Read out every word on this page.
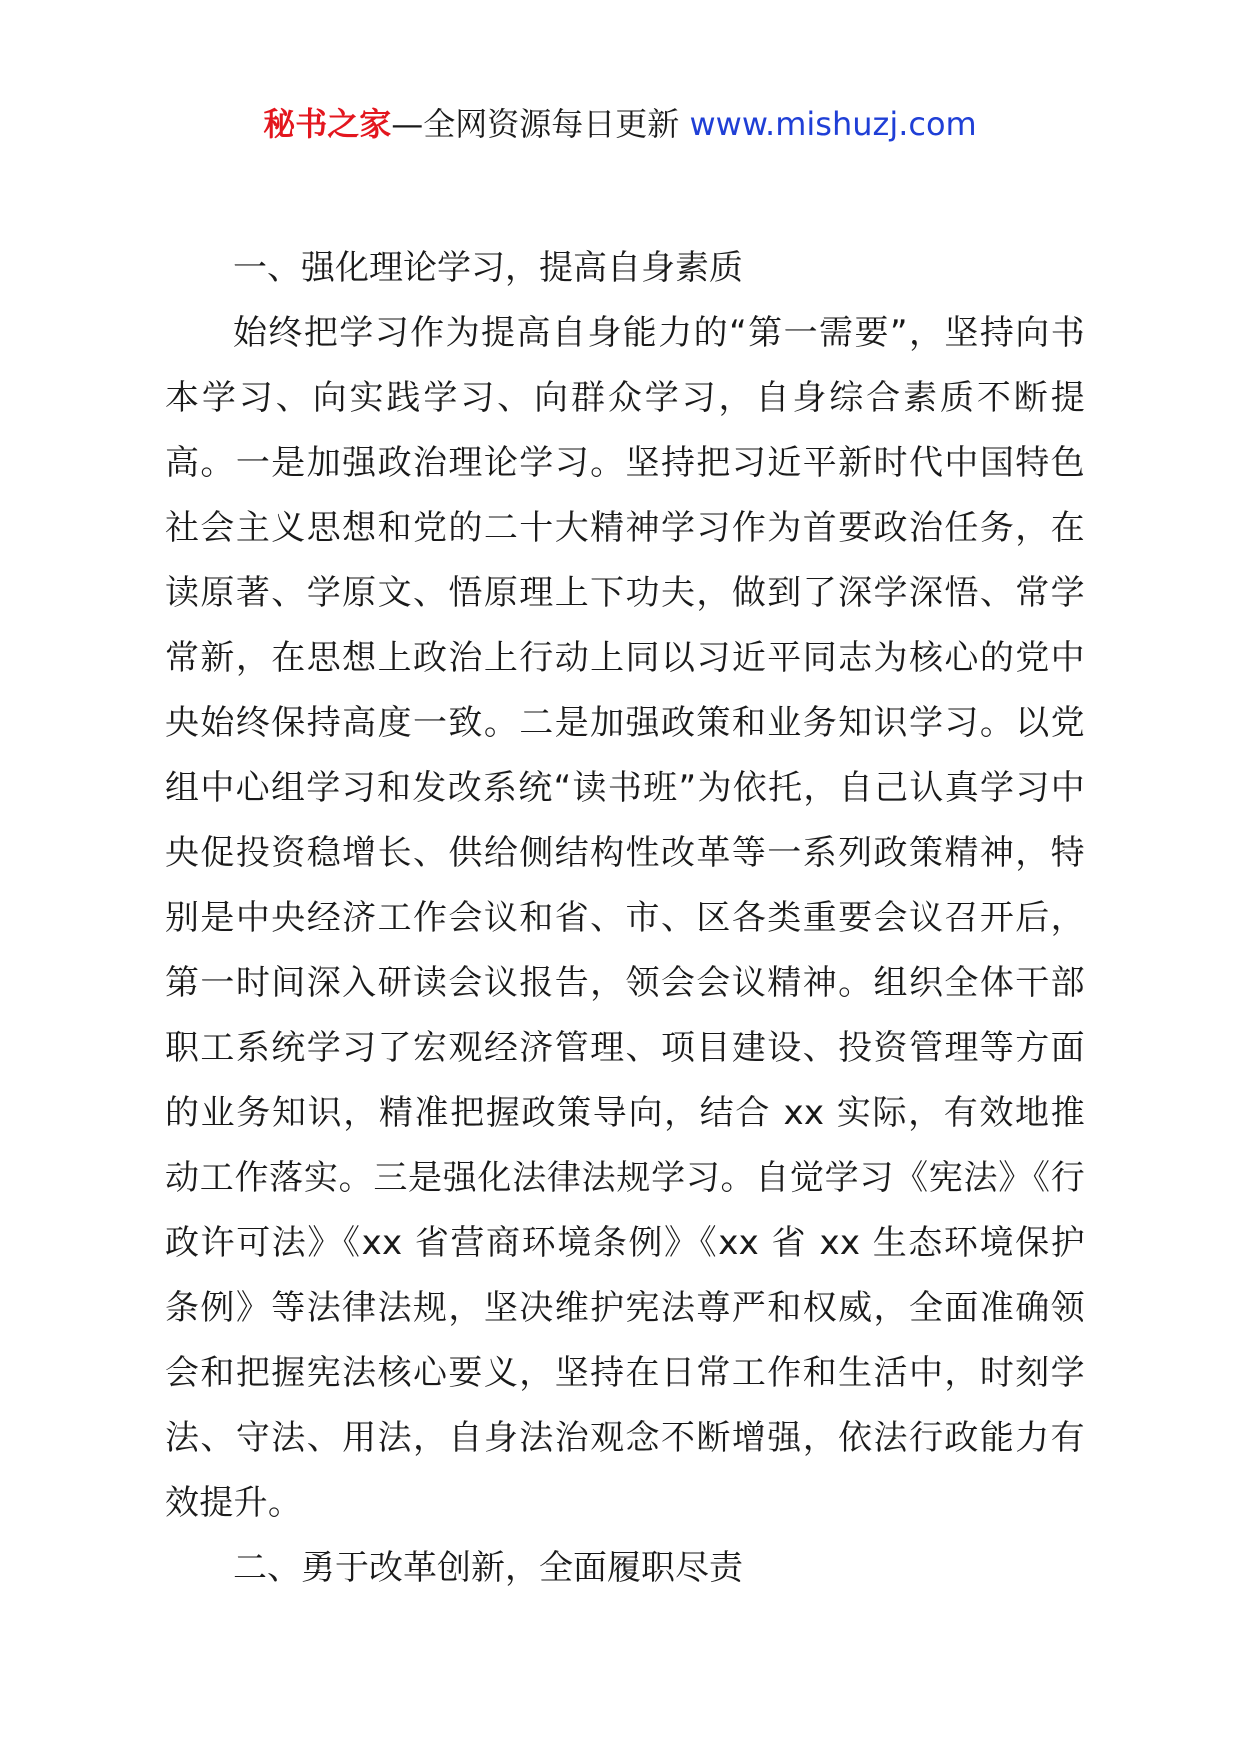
秘书之家—全网资源每日更新 www.mishuzj.com

一、强化理论学习，提高自身素质

始终把学习作为提高自身能力的“第一需要”，坚持向书本学习、向实践学习、向群众学习，自身综合素质不断提高。一是加强政治理论学习。坚持把习近平新时代中国特色社会主义思想和党的二十大精神学习作为首要政治任务，在读原著、学原文、悟原理上下功夫，做到了深学深悟、常学常新，在思想上政治上行动上同以习近平同志为核心的党中央始终保持高度一致。二是加强政策和业务知识学习。以党组中心组学习和发改系统“读书班”为依托，自己认真学习中央促投资稳增长、供给侧结构性改革等一系列政策精神，特别是中央经济工作会议和省、市、区各类重要会议召开后，第一时间深入研读会议报告，领会会议精神。组织全体干部职工系统学习了宏观经济管理、项目建设、投资管理等方面的业务知识，精准把握政策导向，结合 xx 实际，有效地推动工作落实。三是强化法律法规学习。自觉学习《宪法》《行政许可法》《xx 省营商环境条例》《xx 省 xx 生态环境保护条例》等法律法规，坚决维护宪法尊严和权威，全面准确领会和把握宪法核心要义，坚持在日常工作和生活中，时刻学法、守法、用法，自身法治观念不断增强，依法行政能力有效提升。

二、勇于改革创新，全面履职尽责
